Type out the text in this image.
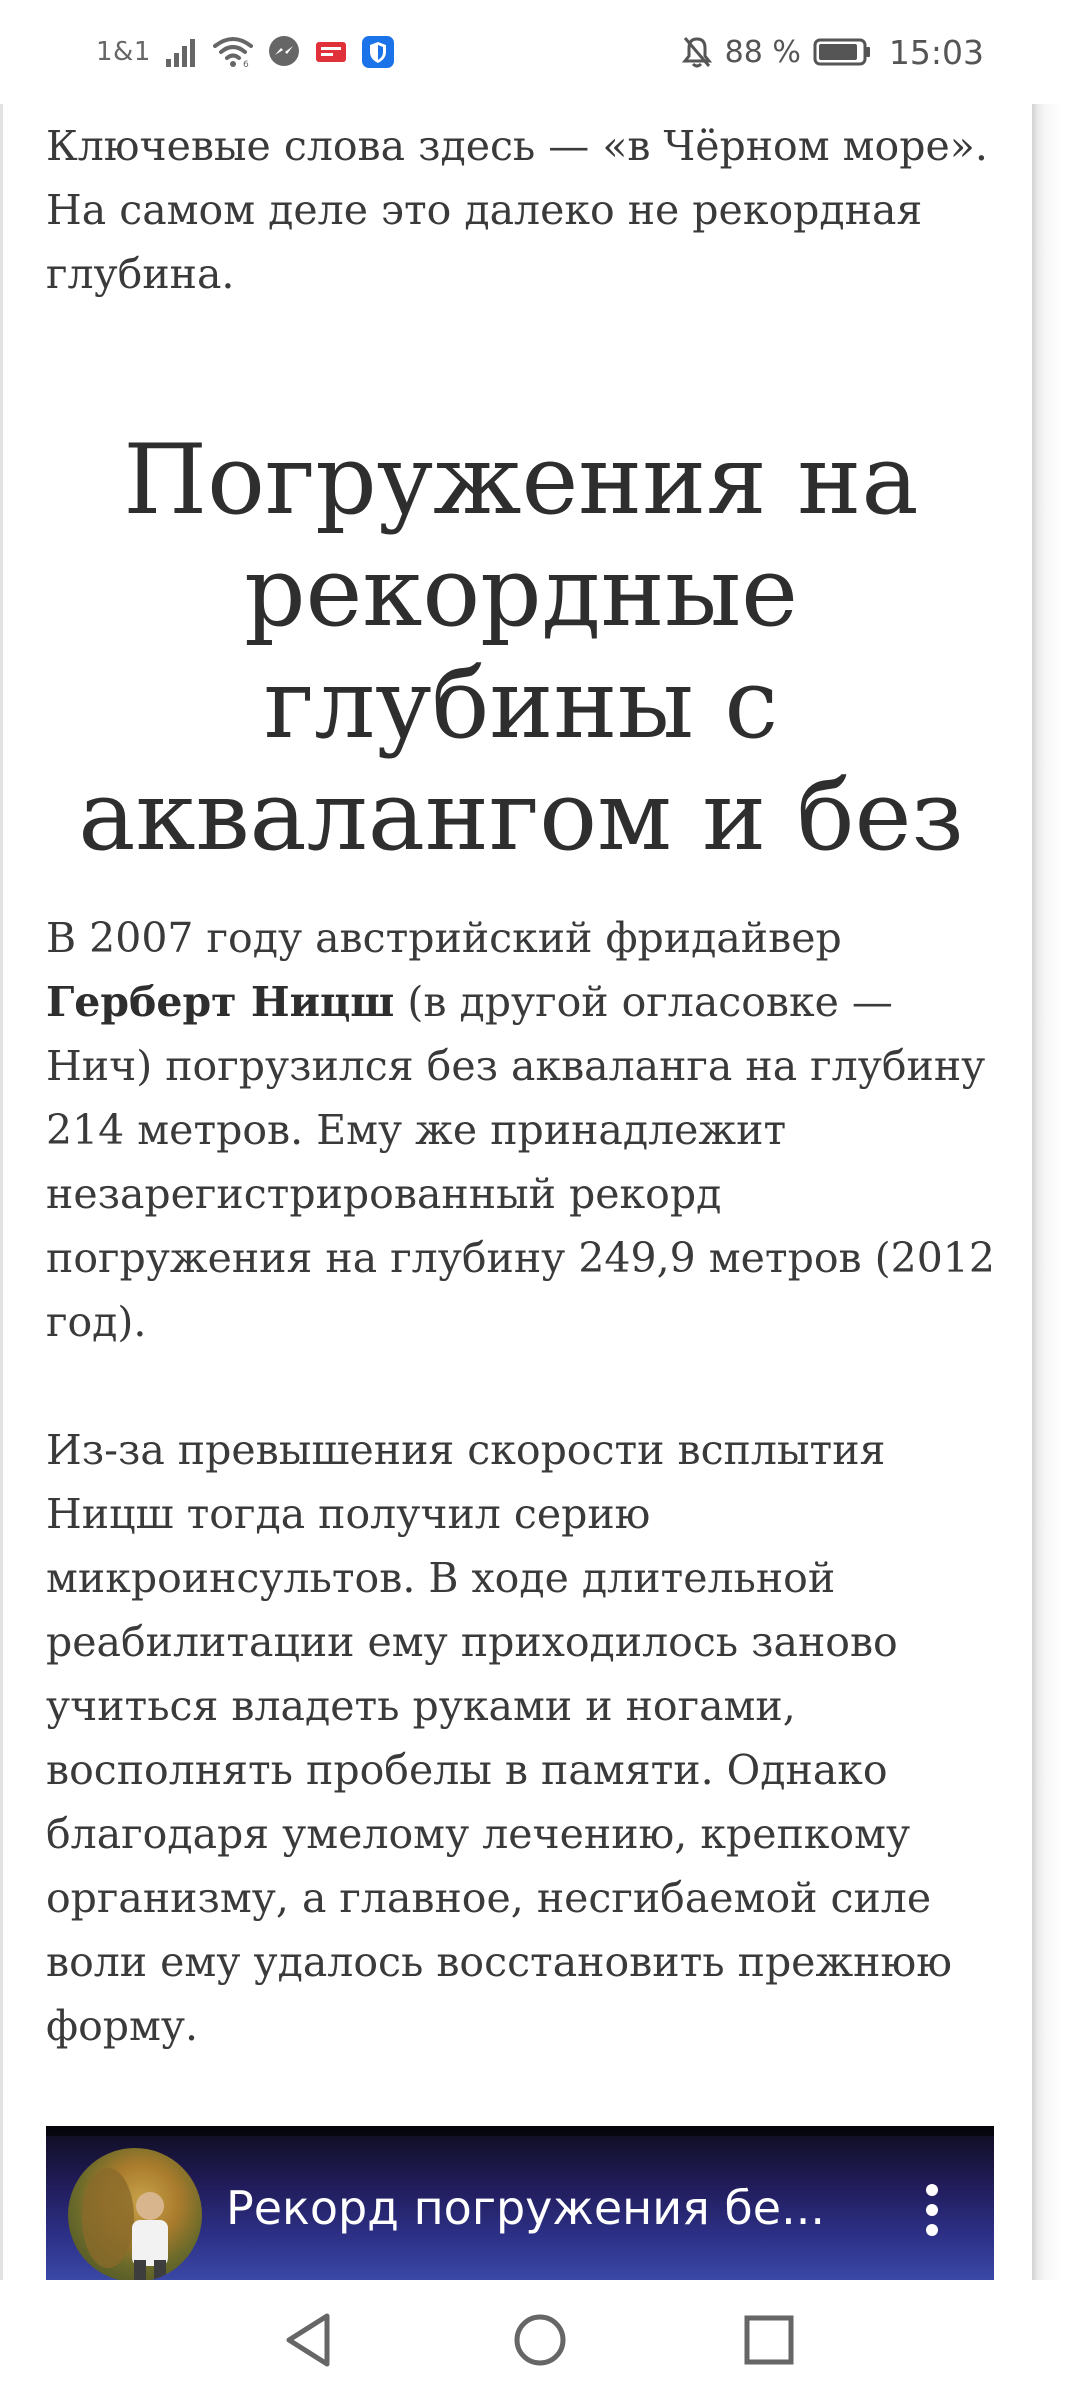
1&1	6	88 %	15:03

Ключевые слова здесь — «в Чёрном море». На самом деле это далеко не рекордная глубина.

Погружения на рекордные глубины с аквалангом и без

В 2007 году австрийский фридайвер Герберт Ницш (в другой огласовке — Нич) погрузился без акваланга на глубину 214 метров. Ему же принадлежит незарегистрированный рекорд погружения на глубину 249,9 метров (2012 год).

Из-за превышения скорости всплытия Ницш тогда получил серию микроинсультов. В ходе длительной реабилитации ему приходилось заново учиться владеть руками и ногами, восполнять пробелы в памяти. Однако благодаря умелому лечению, крепкому организму, а главное, несгибаемой силе воли ему удалось восстановить прежнюю форму.

Рекорд погружения бе...
